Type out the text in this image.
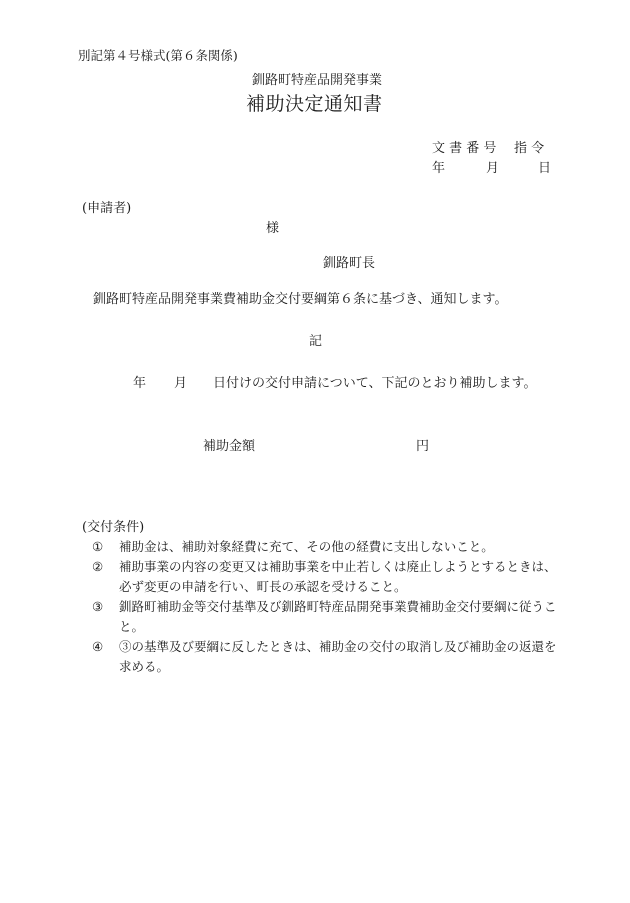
別記第４号様式(第６条関係)
釧路町特産品開発事業
補助決定通知書
文 書 番 号 指 令
年	月	日
(申請者)
様
釧路町長
釧路町特産品開発事業費補助金交付要綱第６条に基づき、通知します。
記
年 月 日付けの交付申請について、下記のとおり補助します。
補助金額	円
(交付条件)
①	補助金は、補助対象経費に充て、その他の経費に支出しないこと。
②	補助事業の内容の変更又は補助事業を中止若しくは廃止しようとするときは、必ず変更の申請を行い、町長の承認を受けること。
③	釧路町補助金等交付基準及び釧路町特産品開発事業費補助金交付要綱に従うこと。
④	③の基準及び要綱に反したときは、補助金の交付の取消し及び補助金の返還を求める。
